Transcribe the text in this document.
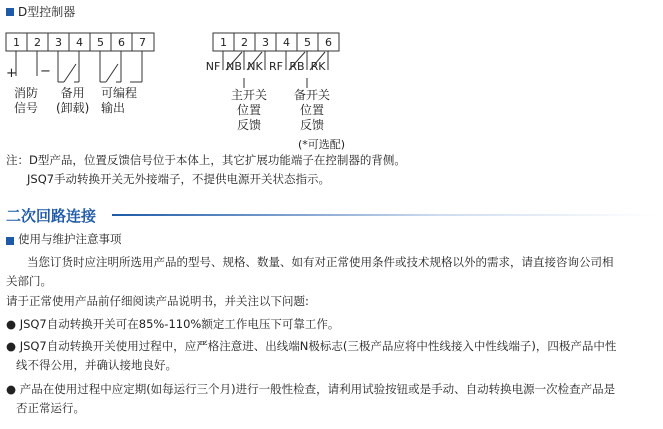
D型控制器
1 2 3 4 5 6 7	1 2 3 4 5 6
NF NB NK RF RB RK
+ −
消防
信号
备用
(卸载)
可编程
输出
主开关
位置
反馈
备开关
位置
反馈
(*可选配)
注：D型产品，位置反馈信号位于本体上，其它扩展功能端子在控制器的背侧。
JSQ7手动转换开关无外接端子，不提供电源开关状态指示。
二次回路连接
使用与维护注意事项
当您订货时应注明所选用产品的型号、规格、数量、如有对正常使用条件或技术规格以外的需求，请直接咨询公司相
关部门。
请于正常使用产品前仔细阅读产品说明书，并关注以下问题:
● JSQ7自动转换开关可在85%-110%额定工作电压下可靠工作。
● JSQ7自动转换开关使用过程中，应严格注意进、出线端N极标志(三极产品应将中性线接入中性线端子)，四极产品中性
线不得公用，并确认接地良好。
● 产品在使用过程中应定期(如每运行三个月)进行一般性检查，请利用试验按钮或是手动、自动转换电源一次检查产品是
否正常运行。
